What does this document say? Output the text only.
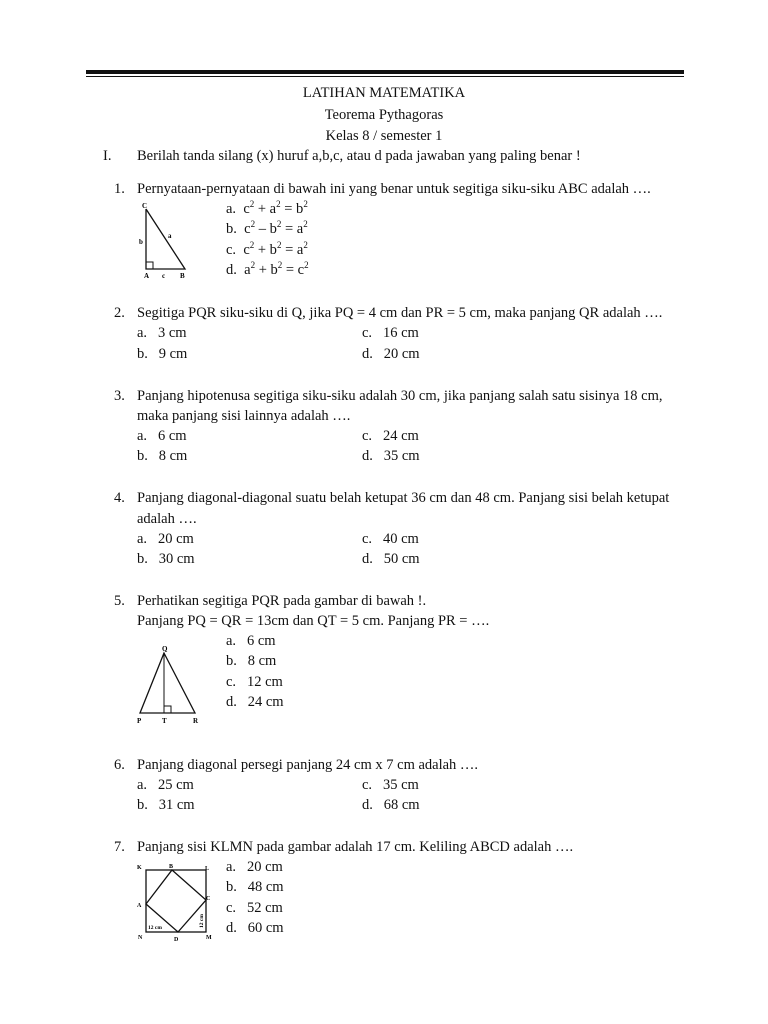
LATIHAN MATEMATIKA
Teorema Pythagoras
Kelas 8 / semester 1
I. Berilah tanda silang (x) huruf a,b,c, atau d pada jawaban yang paling benar !
1. Pernyataan-pernyataan di bawah ini yang benar untuk segitiga siku-siku ABC adalah ….
C
b
a
A c B
a. $c^2 + a^2 = b^2$
b. $c^2 - b^2 = a^2$
c. $c^2 + b^2 = a^2$
d. $a^2 + b^2 = c^2$
2. Segitiga PQR siku-siku di Q, jika PQ = 4 cm dan PR = 5 cm, maka panjang QR adalah ….
a. 3 cm	c. 16 cm
b. 9 cm	d. 20 cm
3. Panjang hipotenusa segitiga siku-siku adalah 30 cm, jika panjang salah satu sisinya 18 cm,
maka panjang sisi lainnya adalah ….
a. 6 cm	c. 24 cm
b. 8 cm	d. 35 cm
4. Panjang diagonal-diagonal suatu belah ketupat 36 cm dan 48 cm. Panjang sisi belah ketupat
adalah ….
a. 20 cm	c. 40 cm
b. 30 cm	d. 50 cm
5. Perhatikan segitiga PQR pada gambar di bawah !.
Panjang PQ = QR = 13cm dan QT = 5 cm. Panjang PR = ….
Q
P	T	R
a. 6 cm
b. 8 cm
c. 12 cm
d. 24 cm
6. Panjang diagonal persegi panjang 24 cm x 7 cm adalah ….
a. 25 cm	c. 35 cm
b. 31 cm	d. 68 cm
7. Panjang sisi KLMN pada gambar adalah 17 cm. Keliling ABCD adalah ….
K	B	L
A
C
N	D	M
12 cm	12 cm
a. 20 cm
b. 48 cm
c. 52 cm
d. 60 cm
